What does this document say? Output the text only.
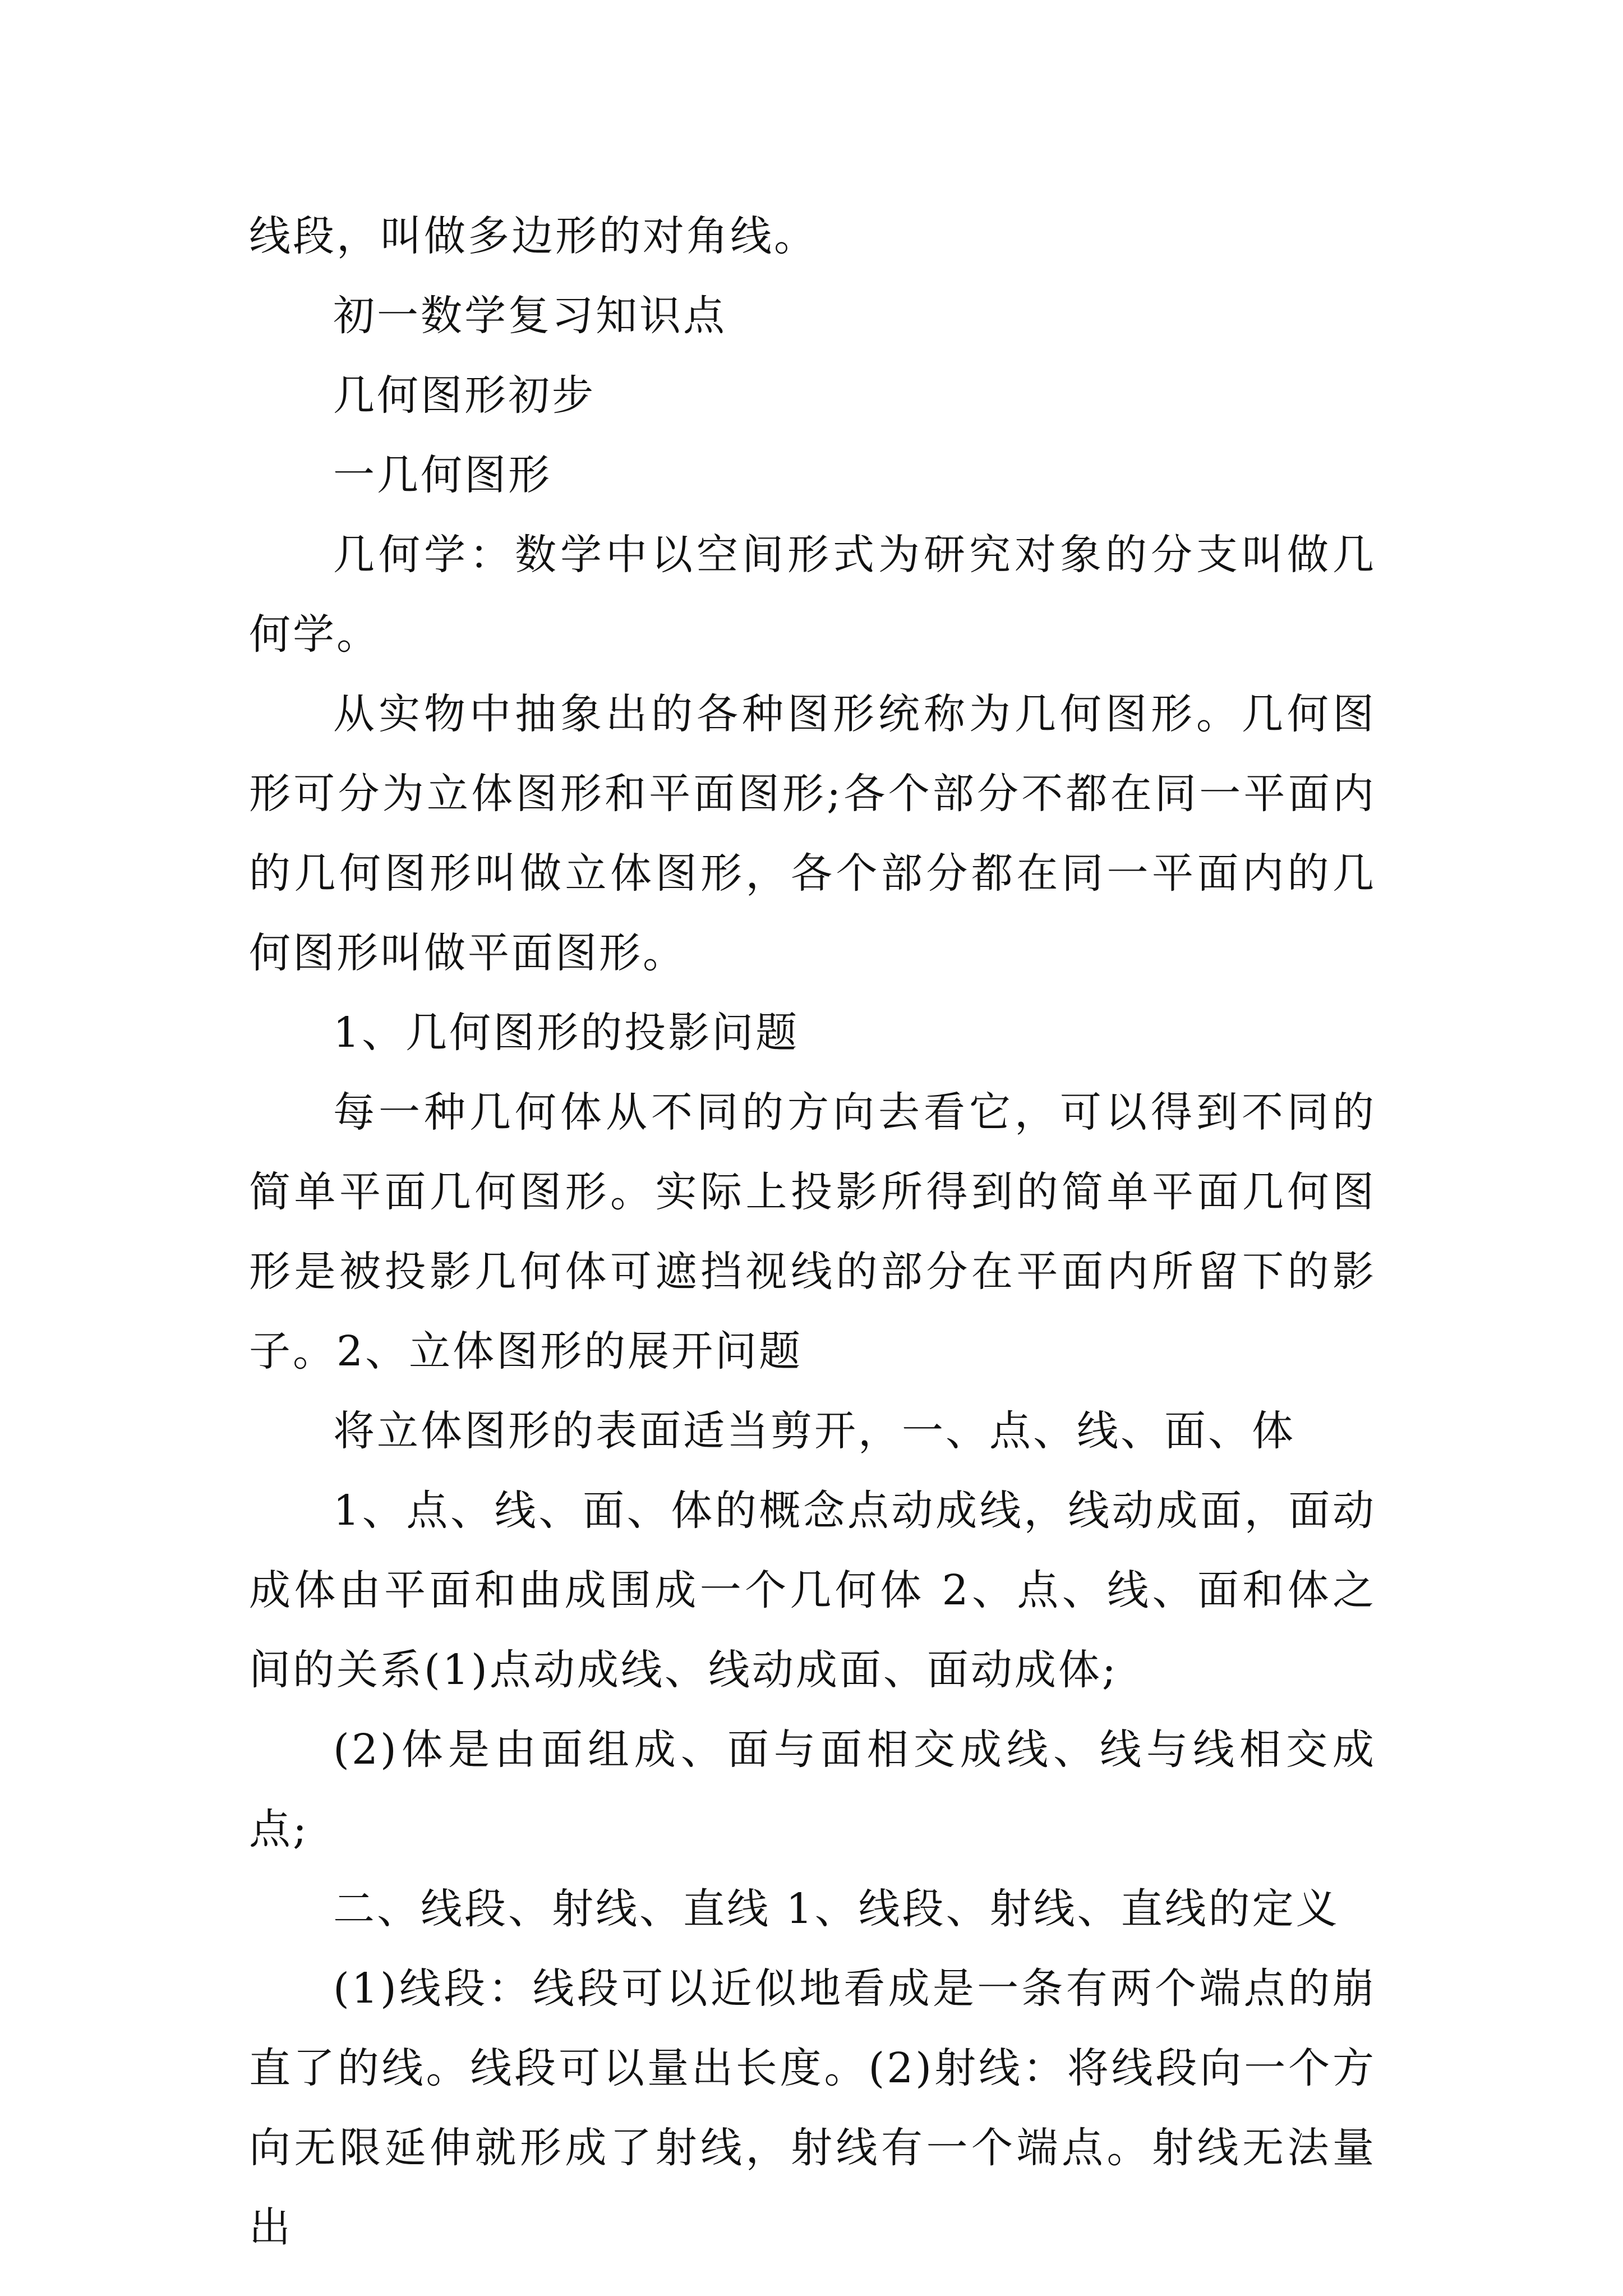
线段，叫做多边形的对角线。

初一数学复习知识点

几何图形初步

一几何图形

几何学：数学中以空间形式为研究对象的分支叫做几何学。

从实物中抽象出的各种图形统称为几何图形。几何图形可分为立体图形和平面图形;各个部分不都在同一平面内的几何图形叫做立体图形，各个部分都在同一平面内的几何图形叫做平面图形。

1、几何图形的投影问题

每一种几何体从不同的方向去看它，可以得到不同的简单平面几何图形。实际上投影所得到的简单平面几何图形是被投影几何体可遮挡视线的部分在平面内所留下的影子。2、立体图形的展开问题

将立体图形的表面适当剪开，一、点、线、面、体

1、点、线、面、体的概念点动成线，线动成面，面动成体由平面和曲成围成一个几何体 2、点、线、面和体之间的关系(1)点动成线、线动成面、面动成体;

(2)体是由面组成、面与面相交成线、线与线相交成点;

二、线段、射线、直线 1、线段、射线、直线的定义

(1)线段：线段可以近似地看成是一条有两个端点的崩直了的线。线段可以量出长度。(2)射线：将线段向一个方向无限延伸就形成了射线，射线有一个端点。射线无法量出
